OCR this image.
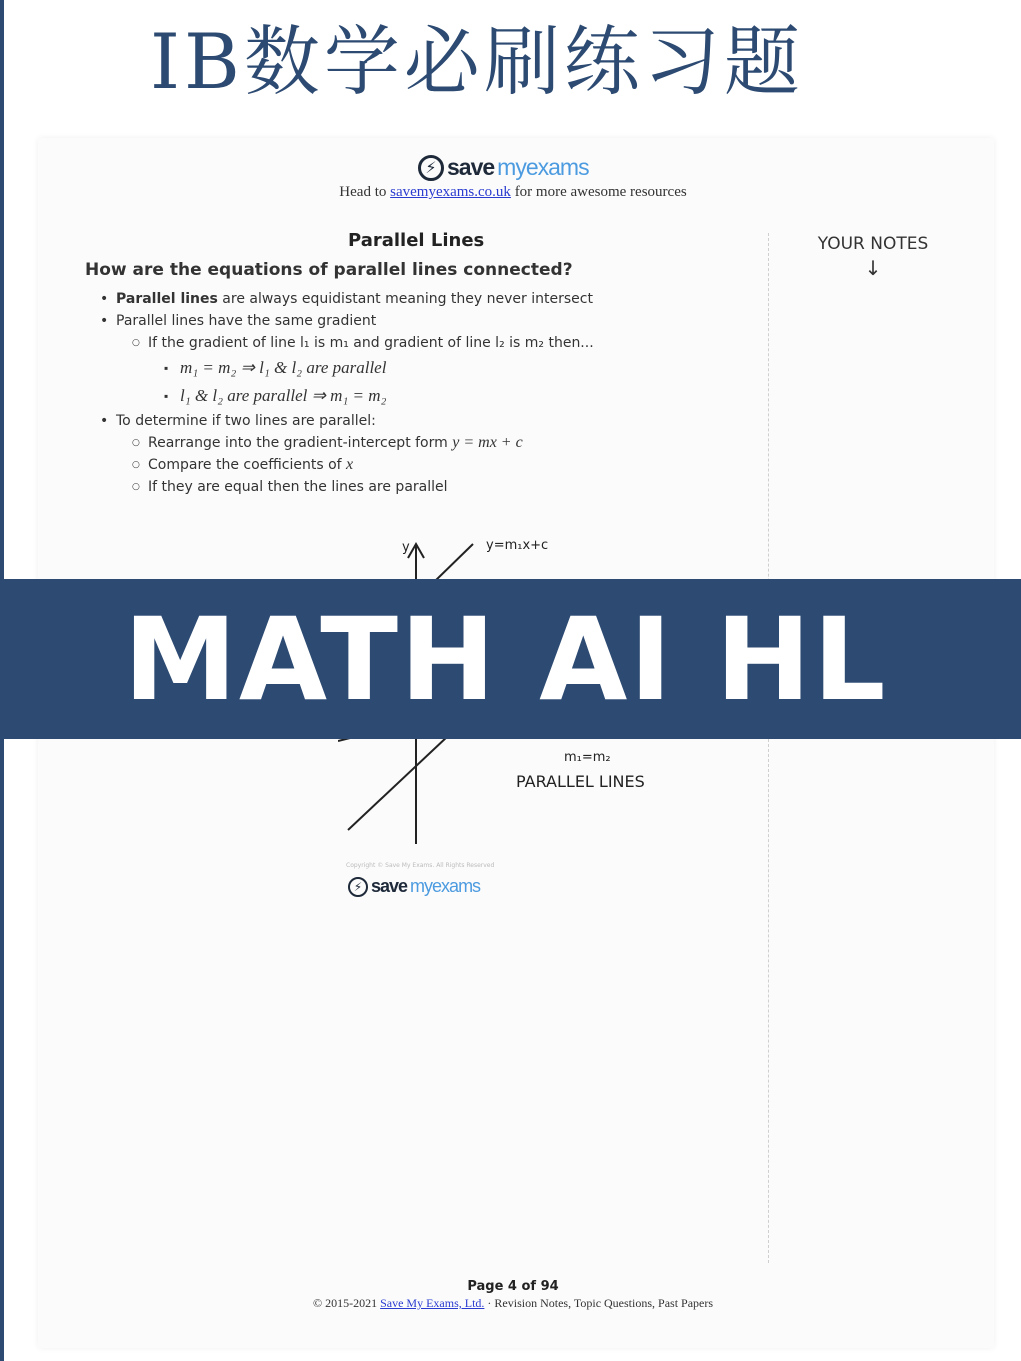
IB数学必刷练习题
⚡ save myexams
Head to savemyexams.co.uk for more awesome resources
YOUR NOTES
↓
Parallel Lines
How are the equations of parallel lines connected?
• Parallel lines are always equidistant meaning they never intersect
• Parallel lines have the same gradient
○ If the gradient of line l₁ is m₁ and gradient of line l₂ is m₂ then...
▪ m₁ = m₂ ⇒ l₁ & l₂ are parallel
▪ l₁ & l₂ are parallel ⇒ m₁ = m₂
• To determine if two lines are parallel:
○ Rearrange into the gradient-intercept form y = mx + c
○ Compare the coefficients of x
○ If they are equal then the lines are parallel
y	y=m₁x+c
m₁=m₂
PARALLEL LINES
Copyright © Save My Exams. All Rights Reserved
⚡ save myexams
Page 4 of 94
© 2015-2021 Save My Exams, Ltd. · Revision Notes, Topic Questions, Past Papers
MATH AI HL
